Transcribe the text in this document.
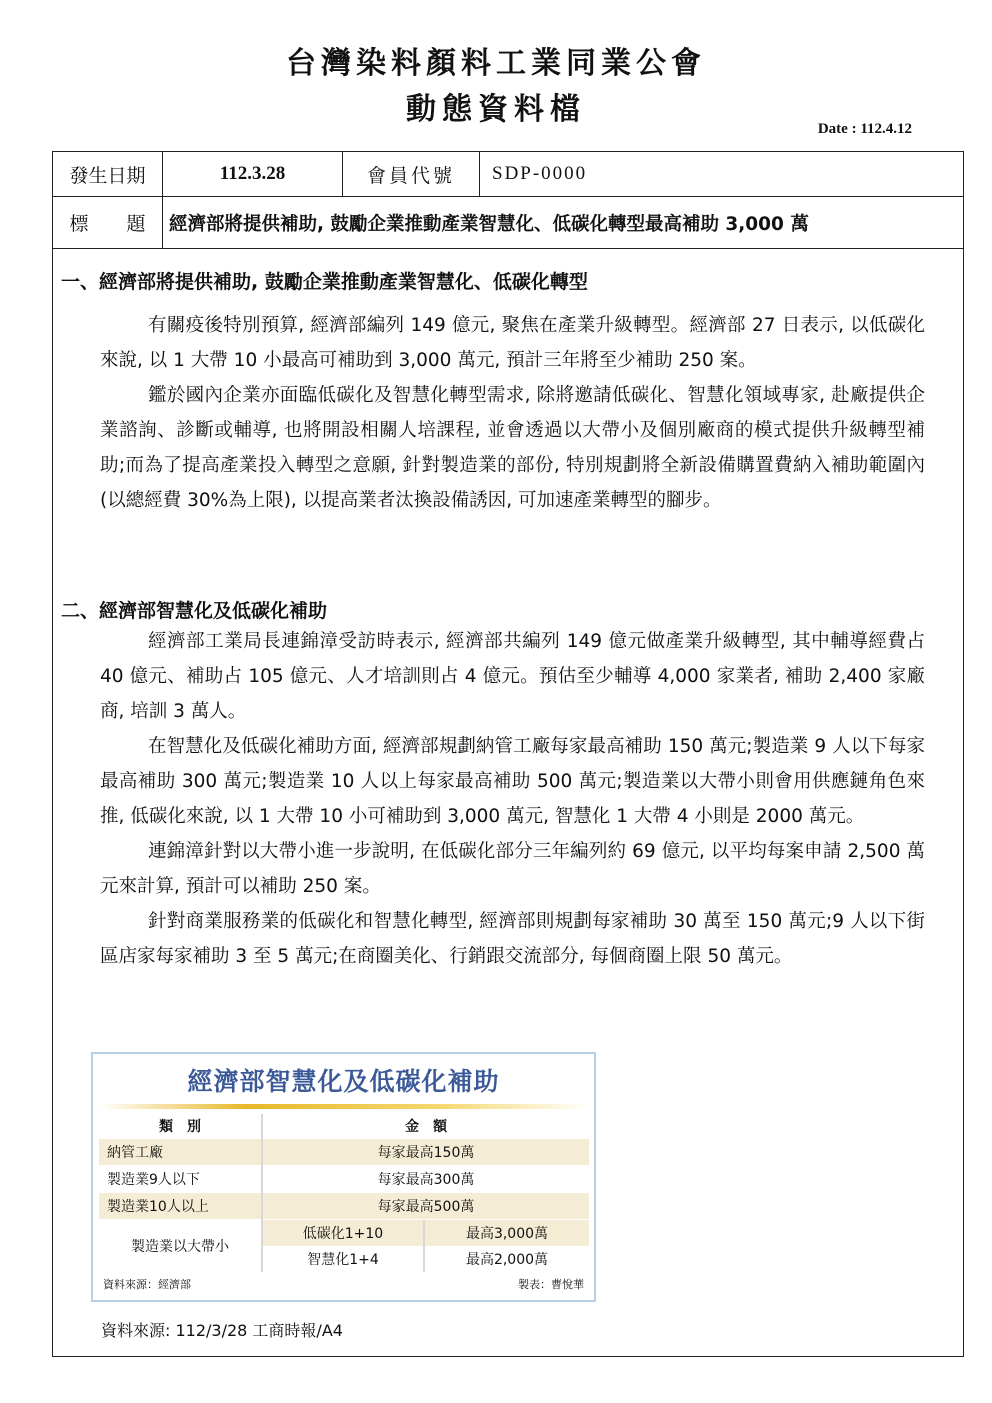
台灣染料顏料工業同業公會
動態資料檔
Date : 112.4.12
發生日期	112.3.28	會員代號	SDP-0000
標　　題	經濟部將提供補助, 鼓勵企業推動產業智慧化、低碳化轉型最高補助 3,000 萬
一、經濟部將提供補助, 鼓勵企業推動產業智慧化、低碳化轉型

有關疫後特別預算, 經濟部編列 149 億元, 聚焦在產業升級轉型。經濟部 27 日表示, 以低碳化來說, 以 1 大帶 10 小最高可補助到 3,000 萬元, 預計三年將至少補助 250 案。

鑑於國內企業亦面臨低碳化及智慧化轉型需求, 除將邀請低碳化、智慧化領域專家, 赴廠提供企業諮詢、診斷或輔導, 也將開設相關人培課程, 並會透過以大帶小及個別廠商的模式提供升級轉型補助;而為了提高產業投入轉型之意願, 針對製造業的部份, 特別規劃將全新設備購置費納入補助範圍內(以總經費 30%為上限), 以提高業者汰換設備誘因, 可加速產業轉型的腳步。

二、經濟部智慧化及低碳化補助

經濟部工業局長連錦漳受訪時表示, 經濟部共編列 149 億元做產業升級轉型, 其中輔導經費占 40 億元、補助占 105 億元、人才培訓則占 4 億元。預估至少輔導 4,000 家業者, 補助 2,400 家廠商, 培訓 3 萬人。

在智慧化及低碳化補助方面, 經濟部規劃納管工廠每家最高補助 150 萬元;製造業 9 人以下每家最高補助 300 萬元;製造業 10 人以上每家最高補助 500 萬元;製造業以大帶小則會用供應鏈角色來推, 低碳化來說, 以 1 大帶 10 小可補助到 3,000 萬元, 智慧化 1 大帶 4 小則是 2000 萬元。

連錦漳針對以大帶小進一步說明, 在低碳化部分三年編列約 69 億元, 以平均每案申請 2,500 萬元來計算, 預計可以補助 250 案。

針對商業服務業的低碳化和智慧化轉型, 經濟部則規劃每家補助 30 萬至 150 萬元;9 人以下街區店家每家補助 3 至 5 萬元;在商圈美化、行銷跟交流部分, 每個商圈上限 50 萬元。

經濟部智慧化及低碳化補助
類　別	金　額
納管工廠	每家最高150萬
製造業9人以下	每家最高300萬
製造業10人以上	每家最高500萬
製造業以大帶小
低碳化1+10	最高3,000萬
智慧化1+4	最高2,000萬
資料來源：經濟部	製表：曹悅華
資料來源: 112/3/28 工商時報/A4
